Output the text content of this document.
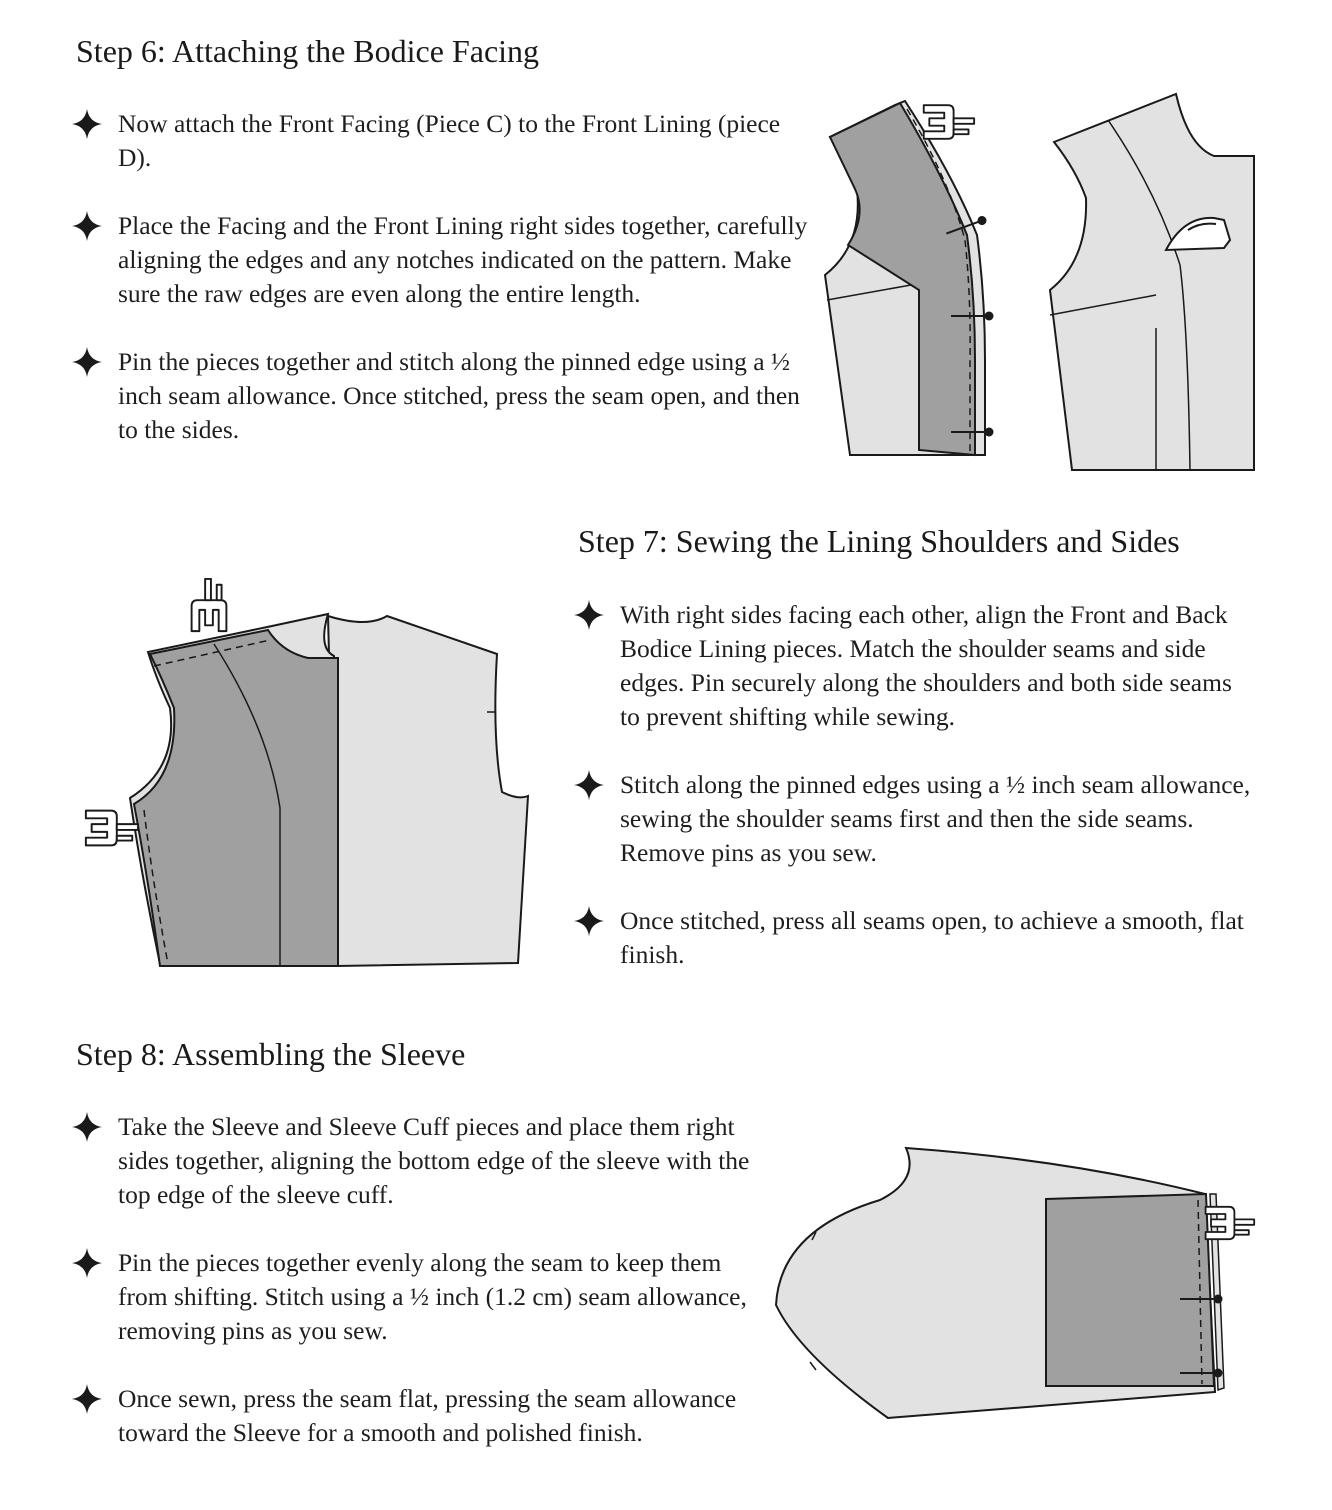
Step 6: Attaching the Bodice Facing

Now attach the Front Facing (Piece C) to the Front Lining (piece D).

Place the Facing and the Front Lining right sides together, carefully aligning the edges and any notches indicated on the pattern. Make sure the raw edges are even along the entire length.

Pin the pieces together and stitch along the pinned edge using a ½ inch seam allowance. Once stitched, press the seam open, and then to the sides.

Step 7: Sewing the Lining Shoulders and Sides

With right sides facing each other, align the Front and Back Bodice Lining pieces. Match the shoulder seams and side edges. Pin securely along the shoulders and both side seams to prevent shifting while sewing.

Stitch along the pinned edges using a ½ inch seam allowance, sewing the shoulder seams first and then the side seams. Remove pins as you sew.

Once stitched, press all seams open, to achieve a smooth, flat finish.

Step 8: Assembling the Sleeve

Take the Sleeve and Sleeve Cuff pieces and place them right sides together, aligning the bottom edge of the sleeve with the top edge of the sleeve cuff.

Pin the pieces together evenly along the seam to keep them from shifting. Stitch using a ½ inch (1.2 cm) seam allowance, removing pins as you sew.

Once sewn, press the seam flat, pressing the seam allowance toward the Sleeve for a smooth and polished finish.
